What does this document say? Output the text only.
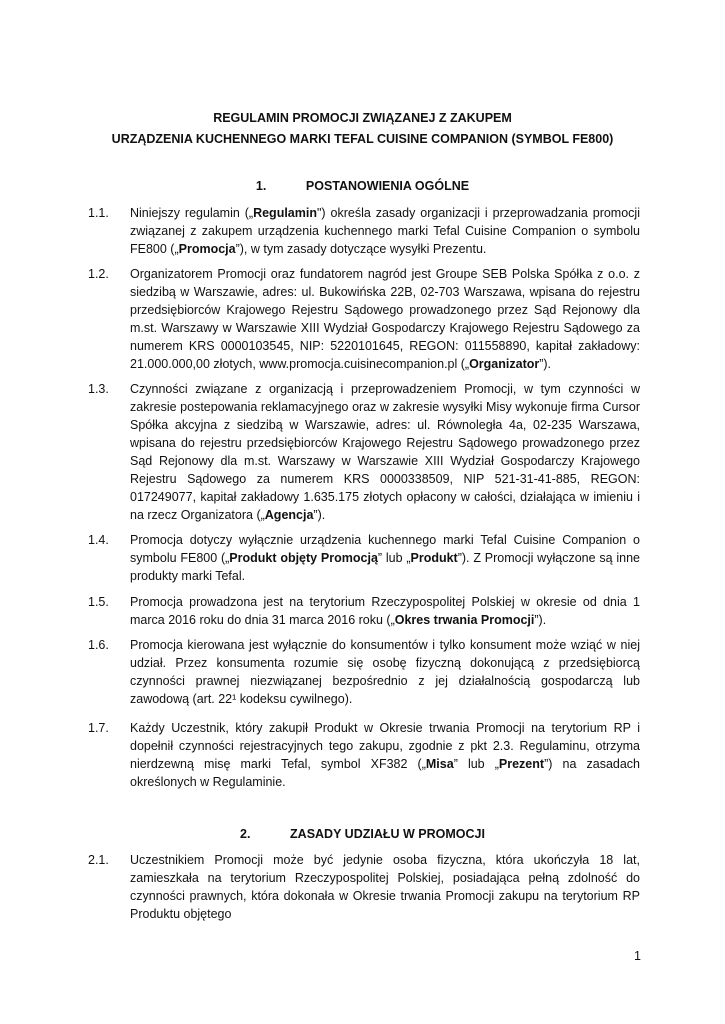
REGULAMIN PROMOCJI ZWIĄZANEJ Z ZAKUPEM
URZĄDZENIA KUCHENNEGO MARKI TEFAL CUISINE COMPANION (SYMBOL FE800)
1.	POSTANOWIENIA OGÓLNE
1.1.	Niniejszy regulamin („Regulamin") określa zasady organizacji i przeprowadzania promocji związanej z zakupem urządzenia kuchennego marki Tefal Cuisine Companion o symbolu FE800 („Promocja”), w tym zasady dotyczące wysyłki Prezentu.
1.2.	Organizatorem Promocji oraz fundatorem nagród jest Groupe SEB Polska Spółka z o.o. z siedzibą w Warszawie, adres: ul. Bukowińska 22B, 02-703 Warszawa, wpisana do rejestru przedsiębiorców Krajowego Rejestru Sądowego prowadzonego przez Sąd Rejonowy dla m.st. Warszawy w Warszawie XIII Wydział Gospodarczy Krajowego Rejestru Sądowego za numerem KRS 0000103545, NIP: 5220101645, REGON: 011558890, kapitał zakładowy: 21.000.000,00 złotych, www.promocja.cuisinecompanion.pl („Organizator”).
1.3.	Czynności związane z organizacją i przeprowadzeniem Promocji, w tym czynności w zakresie postepowania reklamacyjnego oraz w zakresie wysyłki Misy wykonuje firma Cursor Spółka akcyjna z siedzibą w Warszawie, adres: ul. Równoległa 4a, 02-235 Warszawa, wpisana do rejestru przedsiębiorców Krajowego Rejestru Sądowego prowadzonego przez Sąd Rejonowy dla m.st. Warszawy w Warszawie XIII Wydział Gospodarczy Krajowego Rejestru Sądowego za numerem KRS 0000338509, NIP 521-31-41-885, REGON: 017249077, kapitał zakładowy 1.635.175 złotych opłacony w całości, działająca w imieniu i na rzecz Organizatora („Agencja”).
1.4.	Promocja dotyczy wyłącznie urządzenia kuchennego marki Tefal Cuisine Companion o symbolu FE800 („Produkt objęty Promocją” lub „Produkt”). Z Promocji wyłączone są inne produkty marki Tefal.
1.5.	Promocja prowadzona jest na terytorium Rzeczypospolitej Polskiej w okresie od dnia 1 marca 2016 roku do dnia 31 marca 2016 roku („Okres trwania Promocji”).
1.6.	Promocja kierowana jest wyłącznie do konsumentów i tylko konsument może wziąć w niej udział. Przez konsumenta rozumie się osobę fizyczną dokonującą z przedsiębiorcą czynności prawnej niezwiązanej bezpośrednio z jej działalnością gospodarczą lub zawodową (art. 22¹ kodeksu cywilnego).
1.7.	Każdy Uczestnik, który zakupił Produkt w Okresie trwania Promocji na terytorium RP i dopełnił czynności rejestracyjnych tego zakupu, zgodnie z pkt 2.3. Regulaminu, otrzyma nierdzewną misę marki Tefal, symbol XF382 („Misa” lub „Prezent”) na zasadach określonych w Regulaminie.
2.	ZASADY UDZIAŁU W PROMOCJI
2.1.	Uczestnikiem Promocji może być jedynie osoba fizyczna, która ukończyła 18 lat, zamieszkała na terytorium Rzeczypospolitej Polskiej, posiadająca pełną zdolność do czynności prawnych, która dokonała w Okresie trwania Promocji zakupu na terytorium RP Produktu objętego
1
